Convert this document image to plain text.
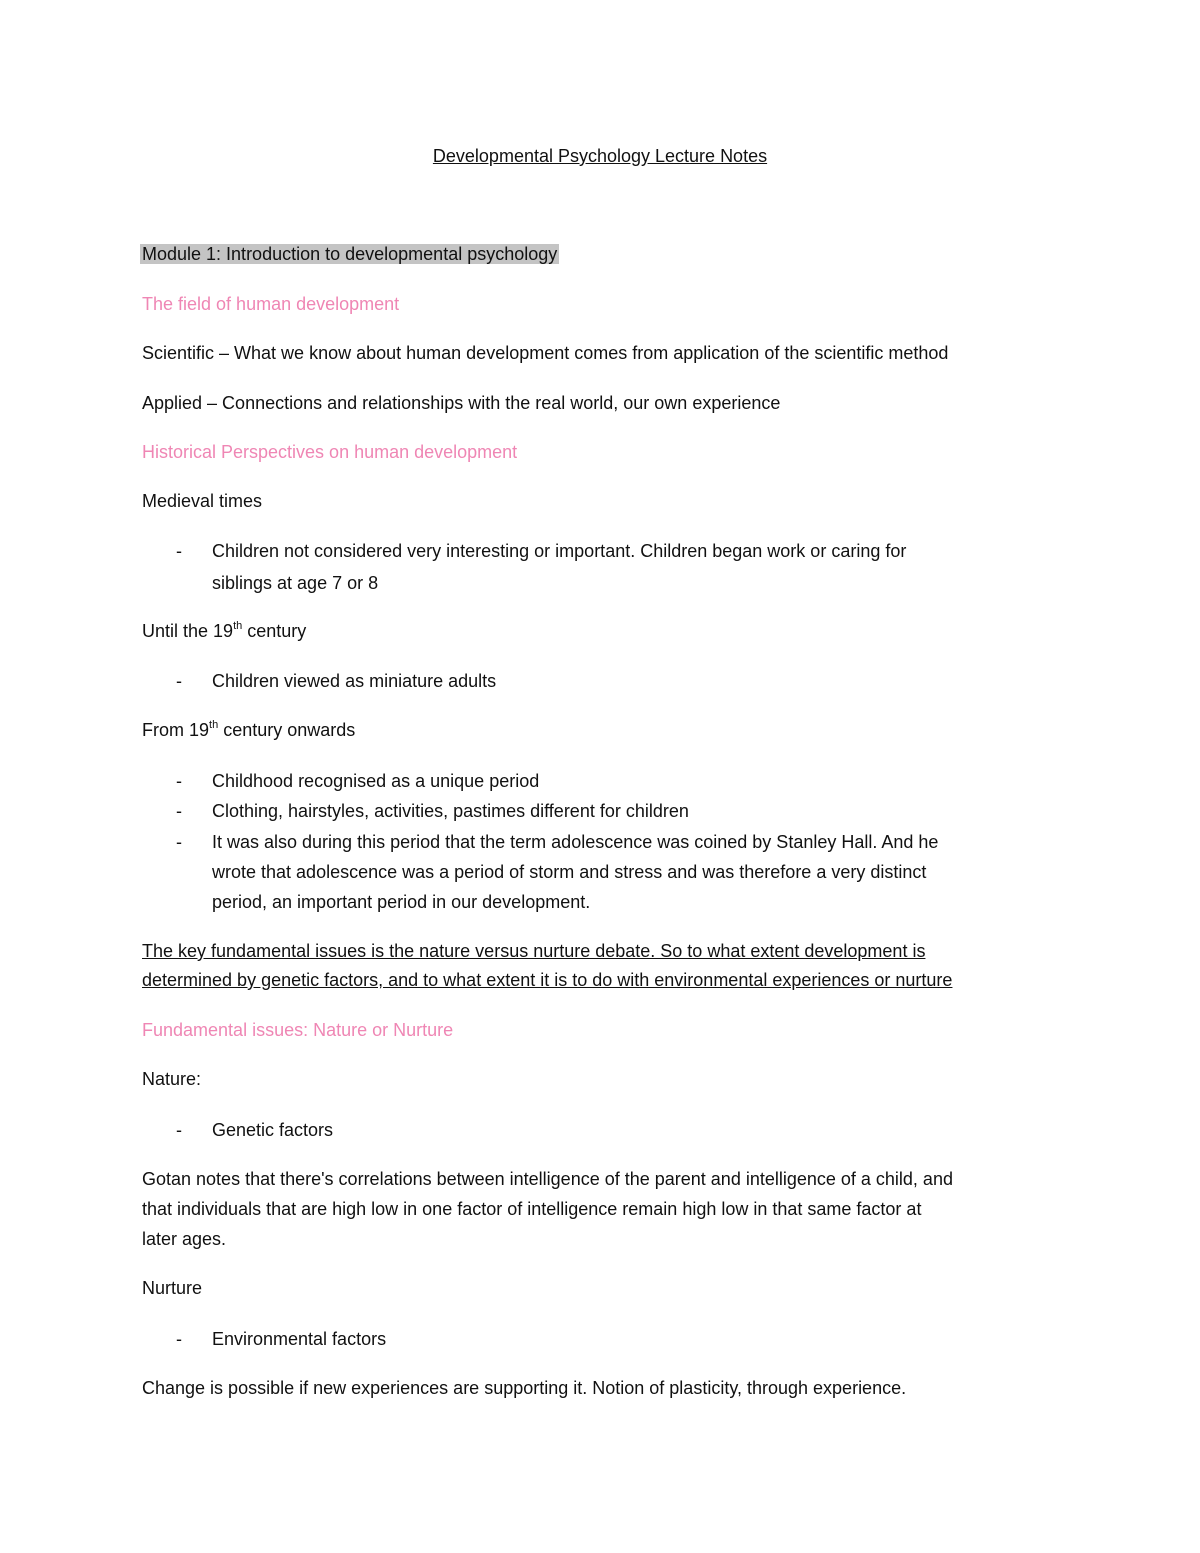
Developmental Psychology Lecture Notes
Module 1: Introduction to developmental psychology
The field of human development
Scientific – What we know about human development comes from application of the scientific method
Applied – Connections and relationships with the real world, our own experience
Historical Perspectives on human development
Medieval times
- Children not considered very interesting or important. Children began work or caring for
siblings at age 7 or 8
Until the 19th century
- Children viewed as miniature adults
From 19th century onwards
- Childhood recognised as a unique period
- Clothing, hairstyles, activities, pastimes different for children
- It was also during this period that the term adolescence was coined by Stanley Hall. And he
wrote that adolescence was a period of storm and stress and was therefore a very distinct
period, an important period in our development.
The key fundamental issues is the nature versus nurture debate. So to what extent development is
determined by genetic factors, and to what extent it is to do with environmental experiences or nurture
Fundamental issues: Nature or Nurture
Nature:
- Genetic factors
Gotan notes that there's correlations between intelligence of the parent and intelligence of a child, and
that individuals that are high low in one factor of intelligence remain high low in that same factor at
later ages.
Nurture
- Environmental factors
Change is possible if new experiences are supporting it. Notion of plasticity, through experience.
